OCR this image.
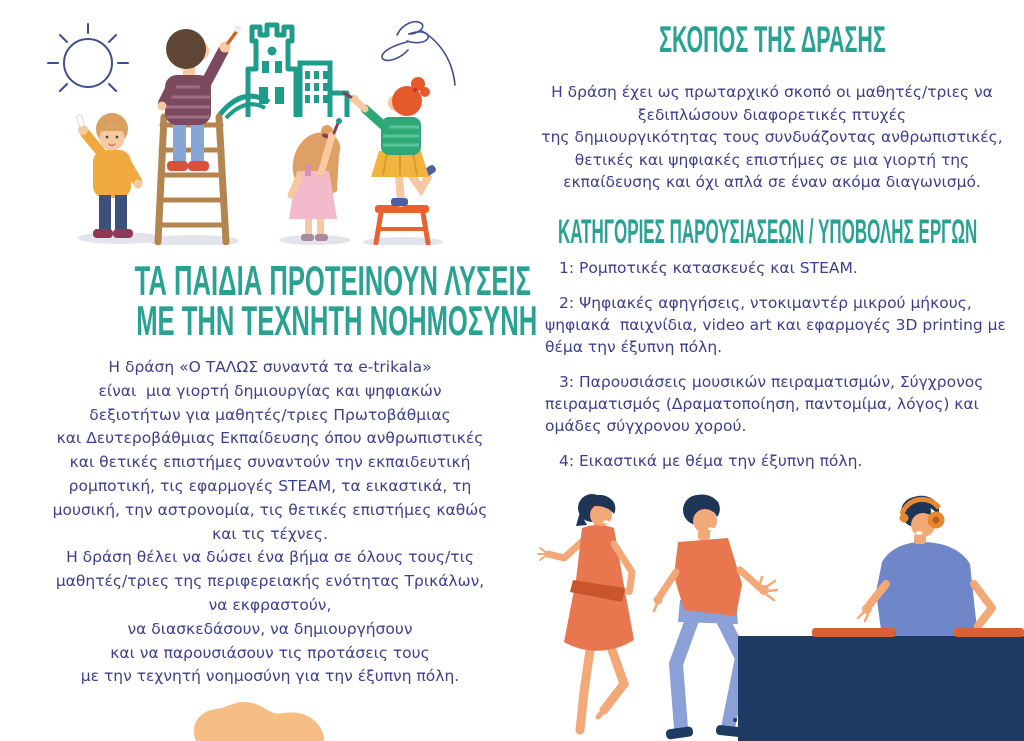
ΤΑ ΠΑΙΔΙΑ ΠΡΟΤΕΙΝΟΥΝ ΛΥΣΕΙΣ
ΜΕ ΤΗΝ ΤΕΧΝΗΤΗ ΝΟΗΜΟΣΥΝΗ
Η δράση «Ο ΤΑΛΩΣ συναντά τα e-trikala»
είναι  μια γιορτή δημιουργίας και ψηφιακών
δεξιοτήτων για μαθητές/τριες Πρωτοβάθμιας
και Δευτεροβάθμιας Εκπαίδευσης όπου ανθρωπιστικές
και θετικές επιστήμες συναντούν την εκπαιδευτική
ρομποτική, τις εφαρμογές STEAM, τα εικαστικά, τη
μουσική, την αστρονομία, τις θετικές επιστήμες καθώς
και τις τέχνες.
Η δράση θέλει να δώσει ένα βήμα σε όλους τους/τις
μαθητές/τριες της περιφερειακής ενότητας Τρικάλων,
να εκφραστούν,
να διασκεδάσουν, να δημιουργήσουν
και να παρουσιάσουν τις προτάσεις τους
με την τεχνητή νοημοσύνη για την έξυπνη πόλη.
ΣΚΟΠΟΣ ΤΗΣ ΔΡΑΣΗΣ
Η δράση έχει ως πρωταρχικό σκοπό οι μαθητές/τριες να
ξεδιπλώσουν διαφορετικές πτυχές
της δημιουργικότητας τους συνδυάζοντας ανθρωπιστικές,
θετικές και ψηφιακές επιστήμες σε μια γιορτή της
εκπαίδευσης και όχι απλά σε έναν ακόμα διαγωνισμό.
ΚΑΤΗΓΟΡΙΕΣ ΠΑΡΟΥΣΙΑΣΕΩΝ / ΥΠΟΒΟΛΗΣ ΕΡΓΩΝ
1: Ρομποτικές κατασκευές και STEAM.
2: Ψηφιακές αφηγήσεις, ντοκιμαντέρ μικρού μήκους,
ψηφιακά  παιχνίδια, video art και εφαρμογές 3D printing με
θέμα την έξυπνη πόλη.
3: Παρουσιάσεις μουσικών πειραματισμών, Σύγχρονος
πειραματισμός (Δραματοποίηση, παντομίμα, λόγος) και
ομάδες σύγχρονου χορού.
4: Εικαστικά με θέμα την έξυπνη πόλη.
